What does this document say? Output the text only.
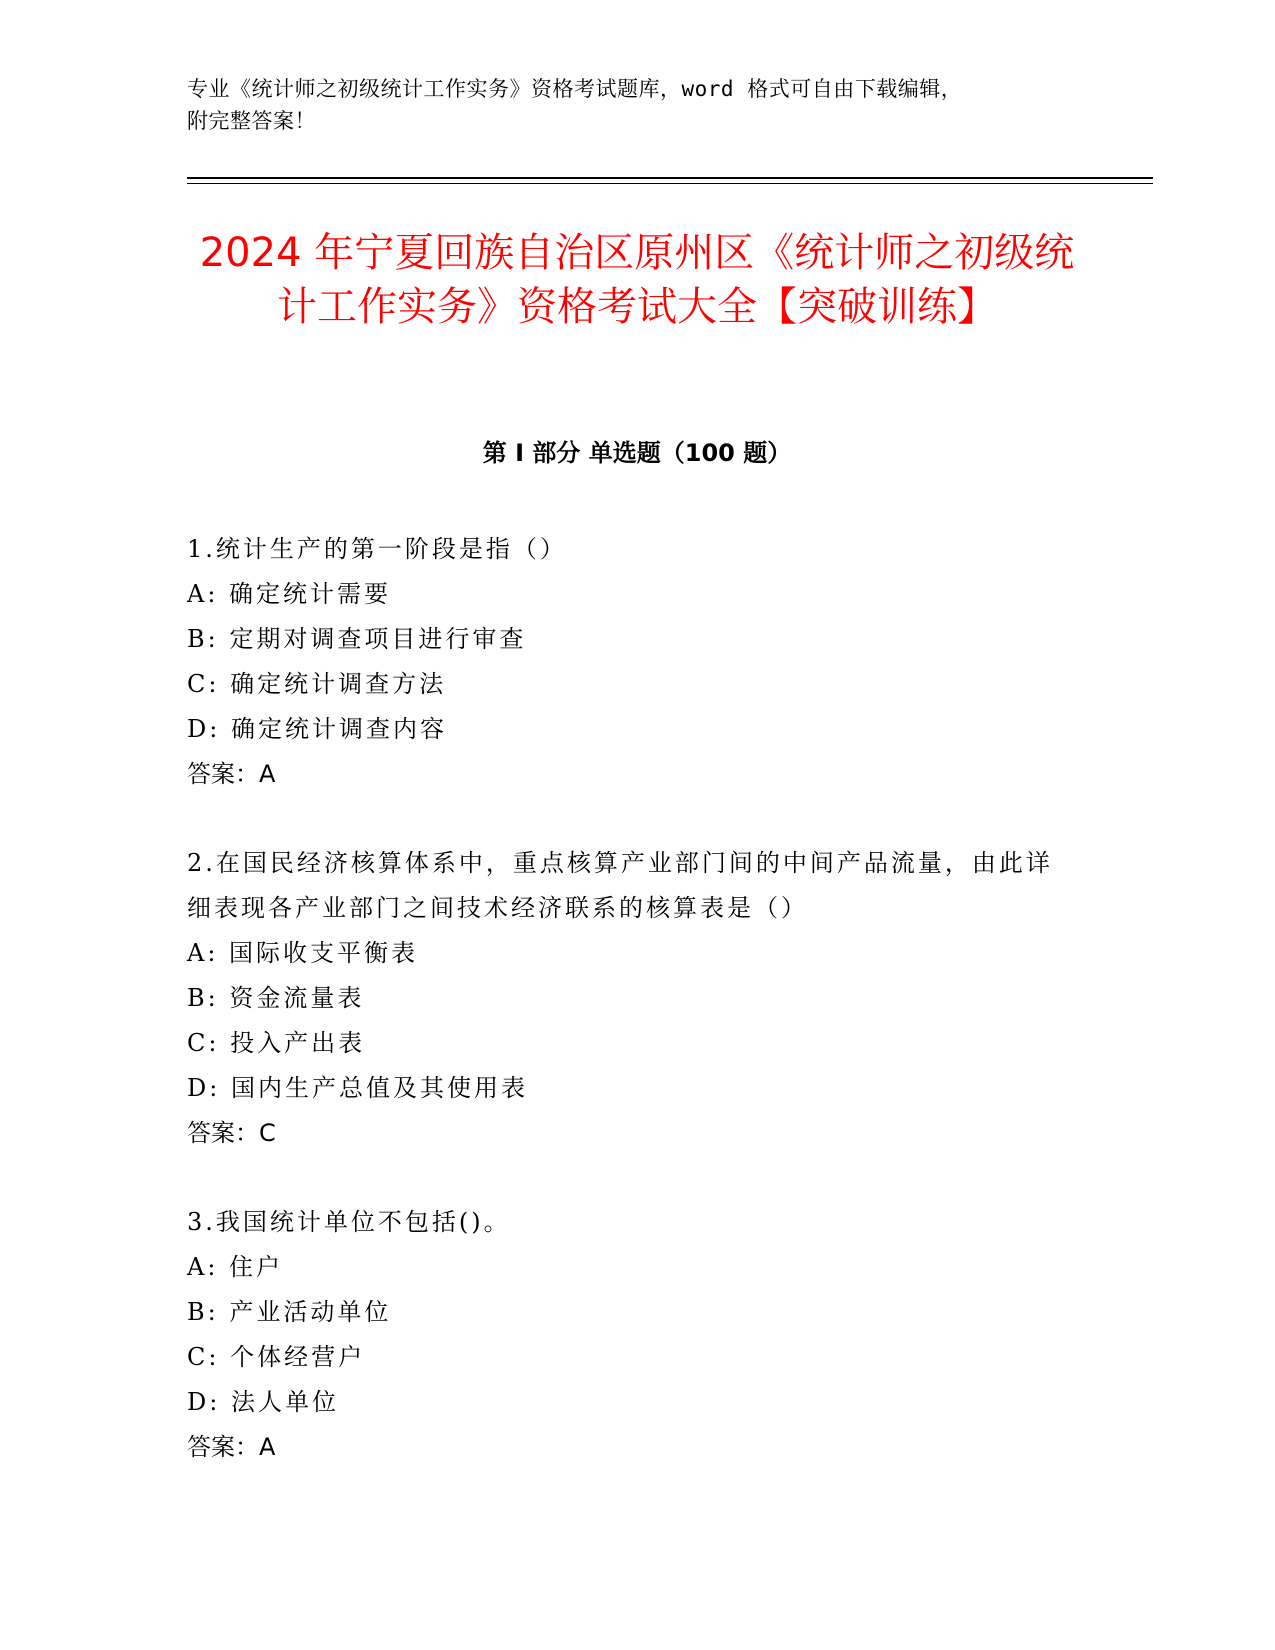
专业《统计师之初级统计工作实务》资格考试题库，word 格式可自由下载编辑，
附完整答案！
2024 年宁夏回族自治区原州区《统计师之初级统计工作实务》资格考试大全【突破训练】
第 I 部分 单选题（100 题）
1.统计生产的第一阶段是指（）
A: 确定统计需要
B: 定期对调查项目进行审查
C: 确定统计调查方法
D: 确定统计调查内容
答案：A
2.在国民经济核算体系中，重点核算产业部门间的中间产品流量，由此详细表现各产业部门之间技术经济联系的核算表是（）
A: 国际收支平衡表
B: 资金流量表
C: 投入产出表
D: 国内生产总值及其使用表
答案：C
3.我国统计单位不包括()。
A: 住户
B: 产业活动单位
C: 个体经营户
D: 法人单位
答案：A
